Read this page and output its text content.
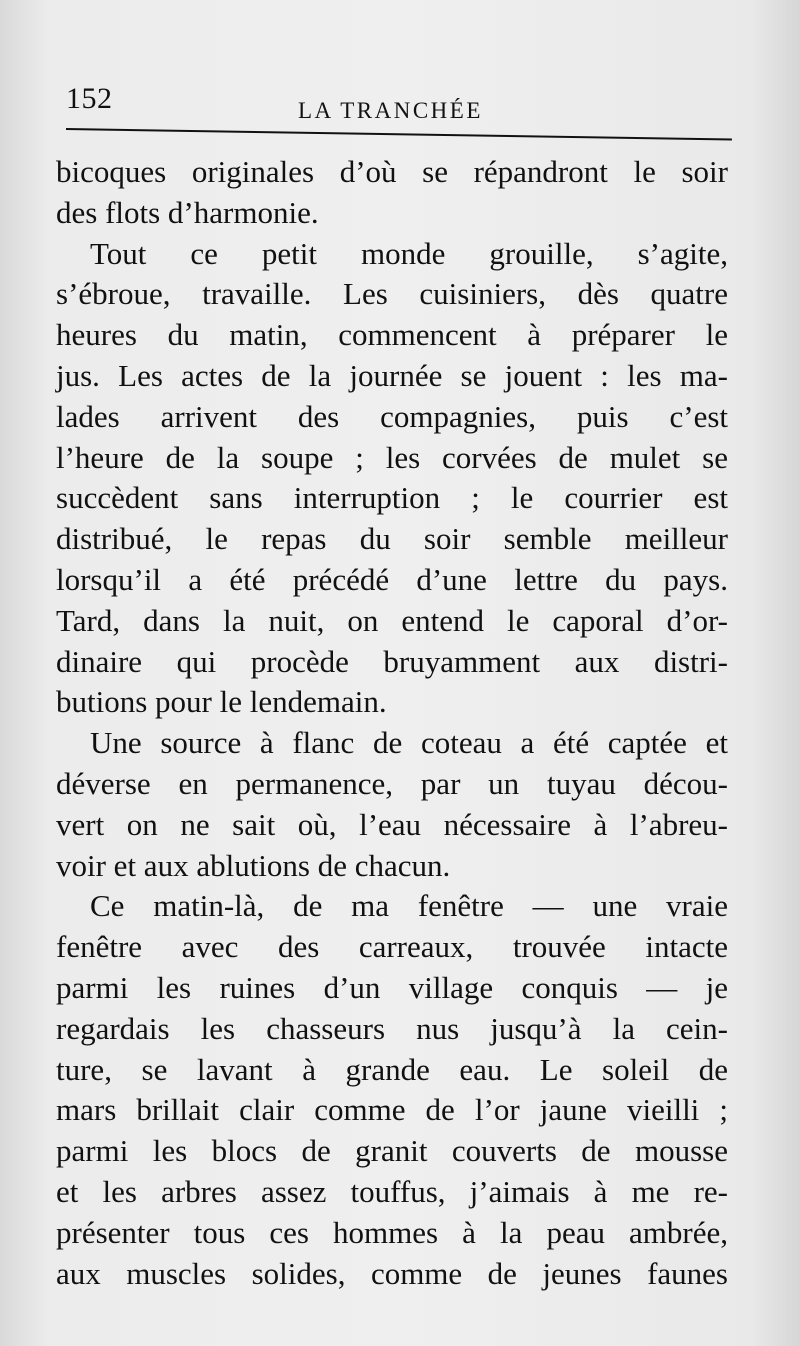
152	LA TRANCHÉE
bicoques originales d’où se répandront le soir
des flots d’harmonie.
Tout ce petit monde grouille, s’agite,
s’ébroue, travaille. Les cuisiniers, dès quatre
heures du matin, commencent à préparer le
jus. Les actes de la journée se jouent : les ma-
lades arrivent des compagnies, puis c’est
l’heure de la soupe ; les corvées de mulet se
succèdent sans interruption ; le courrier est
distribué, le repas du soir semble meilleur
lorsqu’il a été précédé d’une lettre du pays.
Tard, dans la nuit, on entend le caporal d’or-
dinaire qui procède bruyamment aux distri-
butions pour le lendemain.
Une source à flanc de coteau a été captée et
déverse en permanence, par un tuyau décou-
vert on ne sait où, l’eau nécessaire à l’abreu-
voir et aux ablutions de chacun.
Ce matin-là, de ma fenêtre — une vraie
fenêtre avec des carreaux, trouvée intacte
parmi les ruines d’un village conquis — je
regardais les chasseurs nus jusqu’à la cein-
ture, se lavant à grande eau. Le soleil de
mars brillait clair comme de l’or jaune vieilli ;
parmi les blocs de granit couverts de mousse
et les arbres assez touffus, j’aimais à me re-
présenter tous ces hommes à la peau ambrée,
aux muscles solides, comme de jeunes faunes
